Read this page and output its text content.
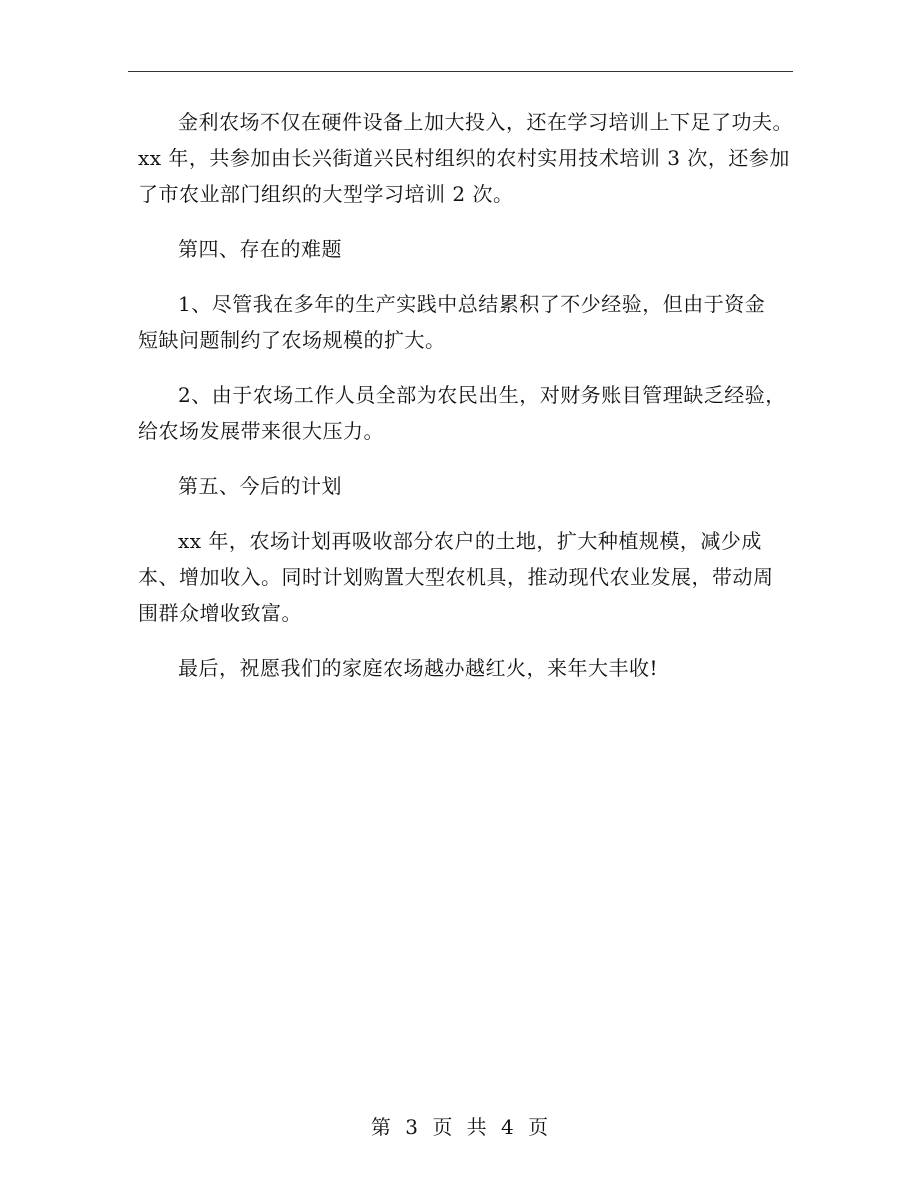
金利农场不仅在硬件设备上加大投入，还在学习培训上下足了功夫。
xx 年，共参加由长兴街道兴民村组织的农村实用技术培训 3 次，还参加
了市农业部门组织的大型学习培训 2 次。

第四、存在的难题

1、尽管我在多年的生产实践中总结累积了不少经验，但由于资金
短缺问题制约了农场规模的扩大。

2、由于农场工作人员全部为农民出生，对财务账目管理缺乏经验，
给农场发展带来很大压力。

第五、今后的计划

xx 年，农场计划再吸收部分农户的土地，扩大种植规模，减少成
本、增加收入。同时计划购置大型农机具，推动现代农业发展，带动周
围群众增收致富。

最后，祝愿我们的家庭农场越办越红火，来年大丰收!

第 3 页 共 4 页
